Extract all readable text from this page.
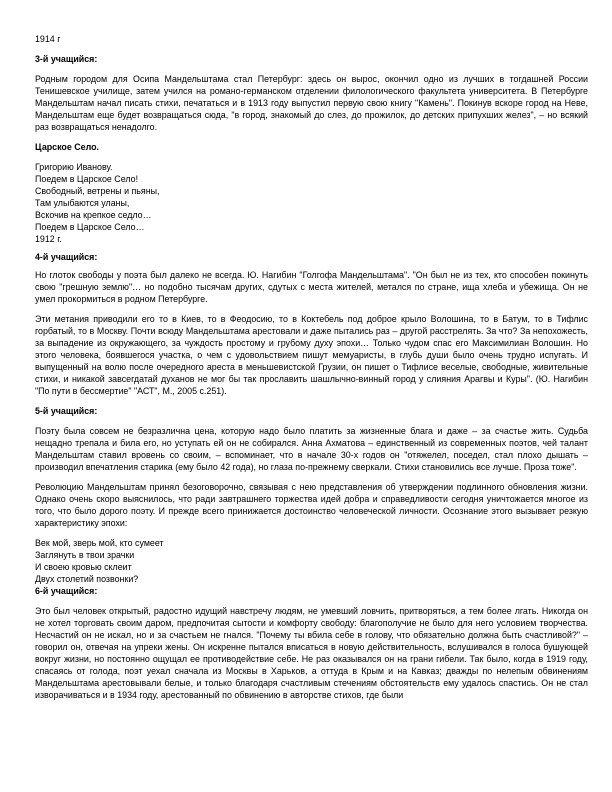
1914 г

3-й учащийся:

Родным городом для Осипа Мандельштама стал Петербург: здесь он вырос, окончил одно из лучших в тогдашней России Тенишевское училище, затем учился на романо-германском отделении филологического факультета университета. В Петербурге Мандельштам начал писать стихи, печататься и в 1913 году выпустил первую свою книгу "Камень". Покинув вскоре город на Неве, Мандельштам еще будет возвращаться сюда, "в город, знакомый до слез, до прожилок, до детских припухших желез", – но всякий раз возвращаться ненадолго.

Царское Село.

Григорию Иванову.
Поедем в Царское Село!
Свободный, ветрены и пьяны,
Там улыбаются уланы,
Вскочив на крепкое седло…
Поедем в Царское Село…
1912 г.

4-й учащийся:

Но глоток свободы у поэта был далеко не всегда. Ю. Нагибин "Голгофа Мандельштама". "Он был не из тех, кто способен покинуть свою "грешную землю"… но подобно тысячам других, сдутых с места жителей, метался по стране, ища хлеба и убежища. Он не умел прокормиться в родном Петербурге.

Эти метания приводили его то в Киев, то в Феодосию, то в Коктебель под доброе крыло Волошина, то в Батум, то в Тифлис горбатый, то в Москву. Почти всюду Мандельштама арестовали и даже пытались раз – другой расстрелять. За что? За непохожесть, за выпадение из окружающего, за чуждость простому и грубому духу эпохи… Только чудом спас его Максимилиан Волошин. Но этого человека, боявшегося участка, о чем с удовольствием пишут мемуаристы, в глубь души было очень трудно испугать. И выпущенный на волю после очередного ареста в меньшевистской Грузии, он пишет о Тифлисе веселые, свободные, живительные стихи, и никакой завсегдатай духанов не мог бы так прославить шашлычно-винный город у слияния Арагвы и Куры". (Ю. Нагибин "По пути в бессмертие" "АСТ", М., 2005 с.251).

5-й учащийся:

Поэту была совсем не безразлична цена, которую надо было платить за жизненные блага и даже – за счастье жить. Судьба нещадно трепала и била его, но уступать ей он не собирался. Анна Ахматова – единственный из современных поэтов, чей талант Мандельштам ставил вровень со своим, – вспоминает, что в начале 30-х годов он "отяжелел, поседел, стал плохо дышать – производил впечатления старика (ему было 42 года), но глаза по-прежнему сверкали. Стихи становились все лучше. Проза тоже".

Революцию Мандельштам принял безоговорочно, связывая с нею представления об утверждении подлинного обновления жизни. Однако очень скоро выяснилось, что ради завтрашнего торжества идей добра и справедливости сегодня уничтожается многое из того, что было дорого поэту. И прежде всего принижается достоинство человеческой личности. Осознание этого вызывает резкую характеристику эпохи:

Век мой, зверь мой, кто сумеет
Заглянуть в твои зрачки
И своею кровью склеит
Двух столетий позвонки?

6-й учащийся:

Это был человек открытый, радостно идущий навстречу людям, не умевший ловчить, притворяться, а тем более лгать. Никогда он не хотел торговать своим даром, предпочитая сытости и комфорту свободу: благополучие не было для него условием творчества. Несчастий он не искал, но и за счастьем не гнался. "Почему ты вбила себе в голову, что обязательно должна быть счастливой?" – говорил он, отвечая на упреки жены. Он искренне пытался вписаться в новую действительность, вслушивался в голоса бушующей вокруг жизни, но постоянно ощущал ее противодействие себе. Не раз оказывался он на грани гибели. Так было, когда в 1919 году, спасаясь от голода, поэт уехал сначала из Москвы в Харьков, а оттуда в Крым и на Кавказ; дважды по нелепым обвинениям Мандельштама арестовывали белые, и только благодаря счастливым стечениям обстоятельств ему удалось спастись. Он не стал изворачиваться и в 1934 году, арестованный по обвинению в авторстве стихов, где были
